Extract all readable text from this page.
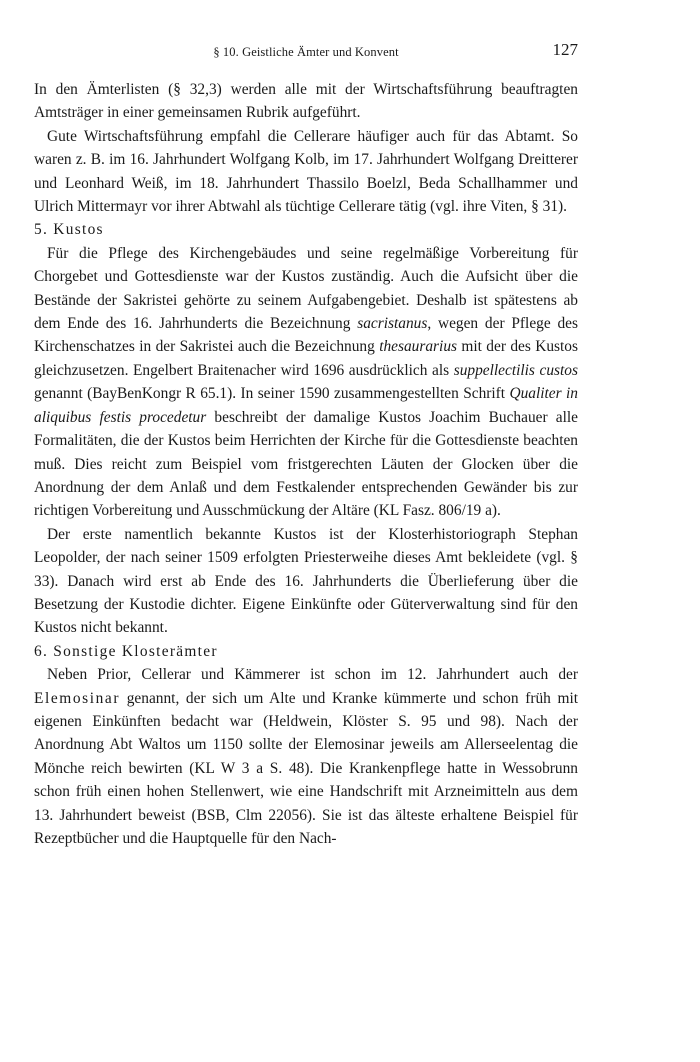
§ 10. Geistliche Ämter und Konvent	127

In den Ämterlisten (§ 32,3) werden alle mit der Wirtschaftsführung beauftragten Amtsträger in einer gemeinsamen Rubrik aufgeführt.

Gute Wirtschaftsführung empfahl die Cellerare häufiger auch für das Abtamt. So waren z. B. im 16. Jahrhundert Wolfgang Kolb, im 17. Jahrhundert Wolfgang Dreitterer und Leonhard Weiß, im 18. Jahrhundert Thassilo Boelzl, Beda Schallhammer und Ulrich Mittermayr vor ihrer Abtwahl als tüchtige Cellerare tätig (vgl. ihre Viten, § 31).

5. Kustos

Für die Pflege des Kirchengebäudes und seine regelmäßige Vorbereitung für Chorgebet und Gottesdienste war der Kustos zuständig. Auch die Aufsicht über die Bestände der Sakristei gehörte zu seinem Aufgabengebiet. Deshalb ist spätestens ab dem Ende des 16. Jahrhunderts die Bezeichnung sacristanus, wegen der Pflege des Kirchenschatzes in der Sakristei auch die Bezeichnung thesaurarius mit der des Kustos gleichzusetzen. Engelbert Braitenacher wird 1696 ausdrücklich als suppellectilis custos genannt (BayBenKongr R 65.1). In seiner 1590 zusammengestellten Schrift Qualiter in aliquibus festis procedetur beschreibt der damalige Kustos Joachim Buchauer alle Formalitäten, die der Kustos beim Herrichten der Kirche für die Gottesdienste beachten muß. Dies reicht zum Beispiel vom fristgerechten Läuten der Glocken über die Anordnung der dem Anlaß und dem Festkalender entsprechenden Gewänder bis zur richtigen Vorbereitung und Ausschmückung der Altäre (KL Fasz. 806/19 a).

Der erste namentlich bekannte Kustos ist der Klosterhistoriograph Stephan Leopolder, der nach seiner 1509 erfolgten Priesterweihe dieses Amt bekleidete (vgl. § 33). Danach wird erst ab Ende des 16. Jahrhunderts die Überlieferung über die Besetzung der Kustodie dichter. Eigene Einkünfte oder Güterverwaltung sind für den Kustos nicht bekannt.

6. Sonstige Klosterämter

Neben Prior, Cellerar und Kämmerer ist schon im 12. Jahrhundert auch der Elemosinar genannt, der sich um Alte und Kranke kümmerte und schon früh mit eigenen Einkünften bedacht war (Heldwein, Klöster S. 95 und 98). Nach der Anordnung Abt Waltos um 1150 sollte der Elemosinar jeweils am Allerseelentag die Mönche reich bewirten (KL W 3 a S. 48). Die Krankenpflege hatte in Wessobrunn schon früh einen hohen Stellenwert, wie eine Handschrift mit Arzneimitteln aus dem 13. Jahrhundert beweist (BSB, Clm 22056). Sie ist das älteste erhaltene Beispiel für Rezeptbücher und die Hauptquelle für den Nach-
